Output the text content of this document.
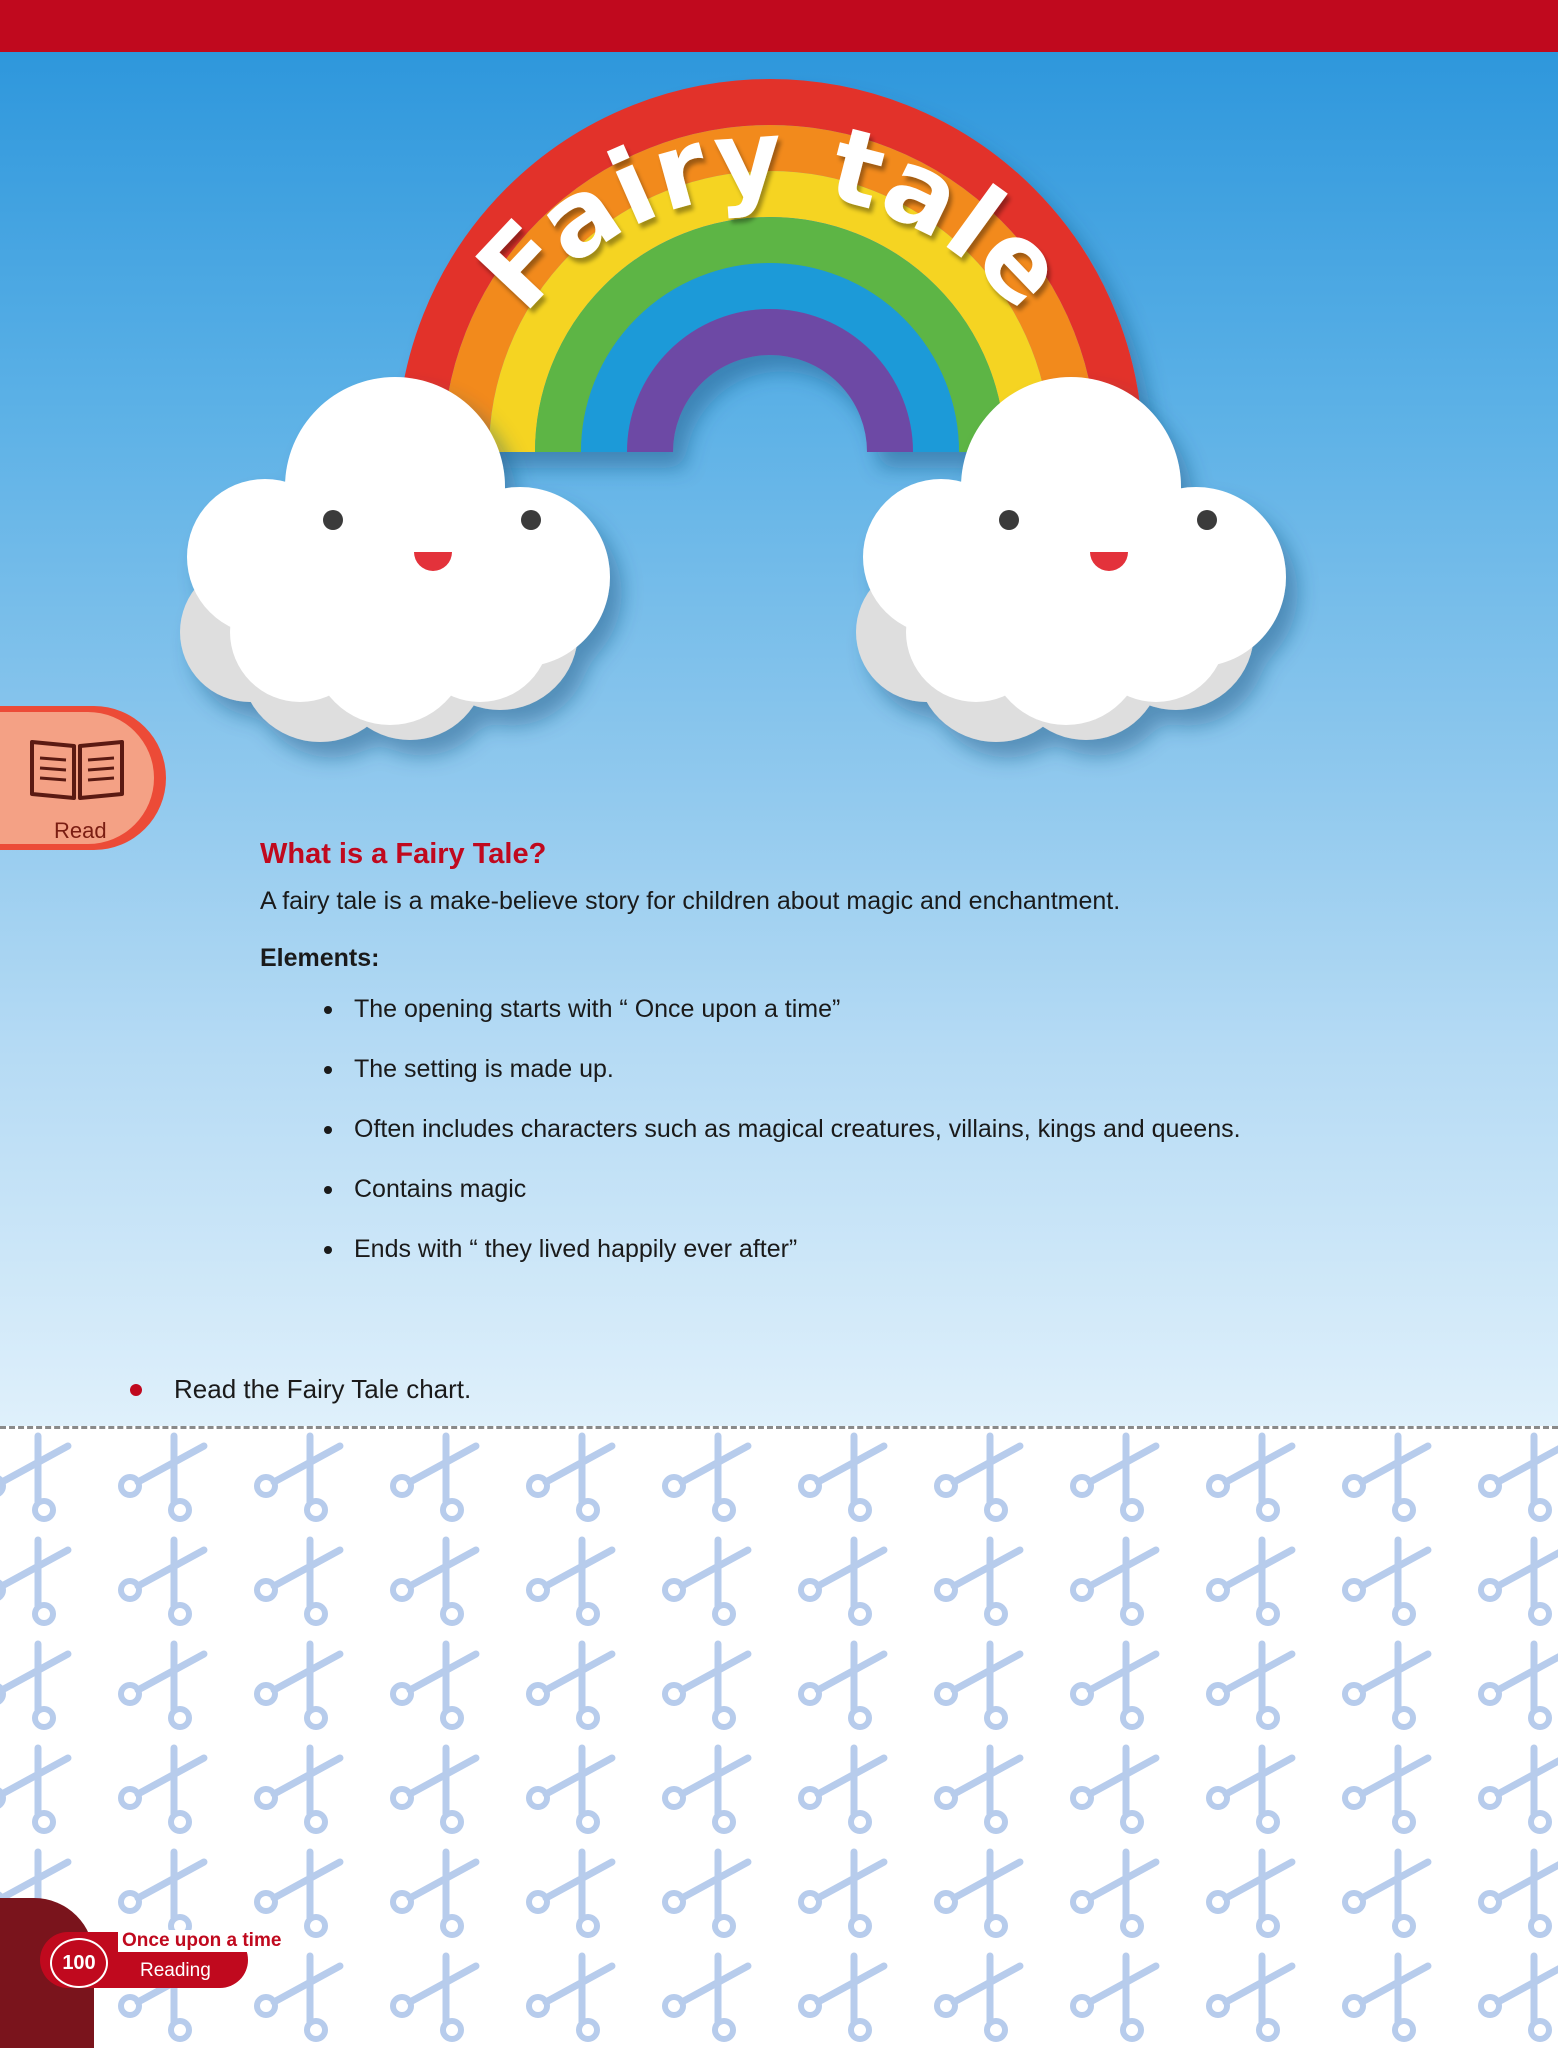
Fairy tale
Read
What is a Fairy Tale?

A fairy tale is a make-believe story for children about magic and enchantment.

Elements:

The opening starts with “ Once upon a time”
The setting is made up.
Often includes characters such as magical creatures, villains, kings and queens.
Contains magic
Ends with “ they lived happily ever after”
Read the Fairy Tale chart.
100
Once upon a time
Reading
